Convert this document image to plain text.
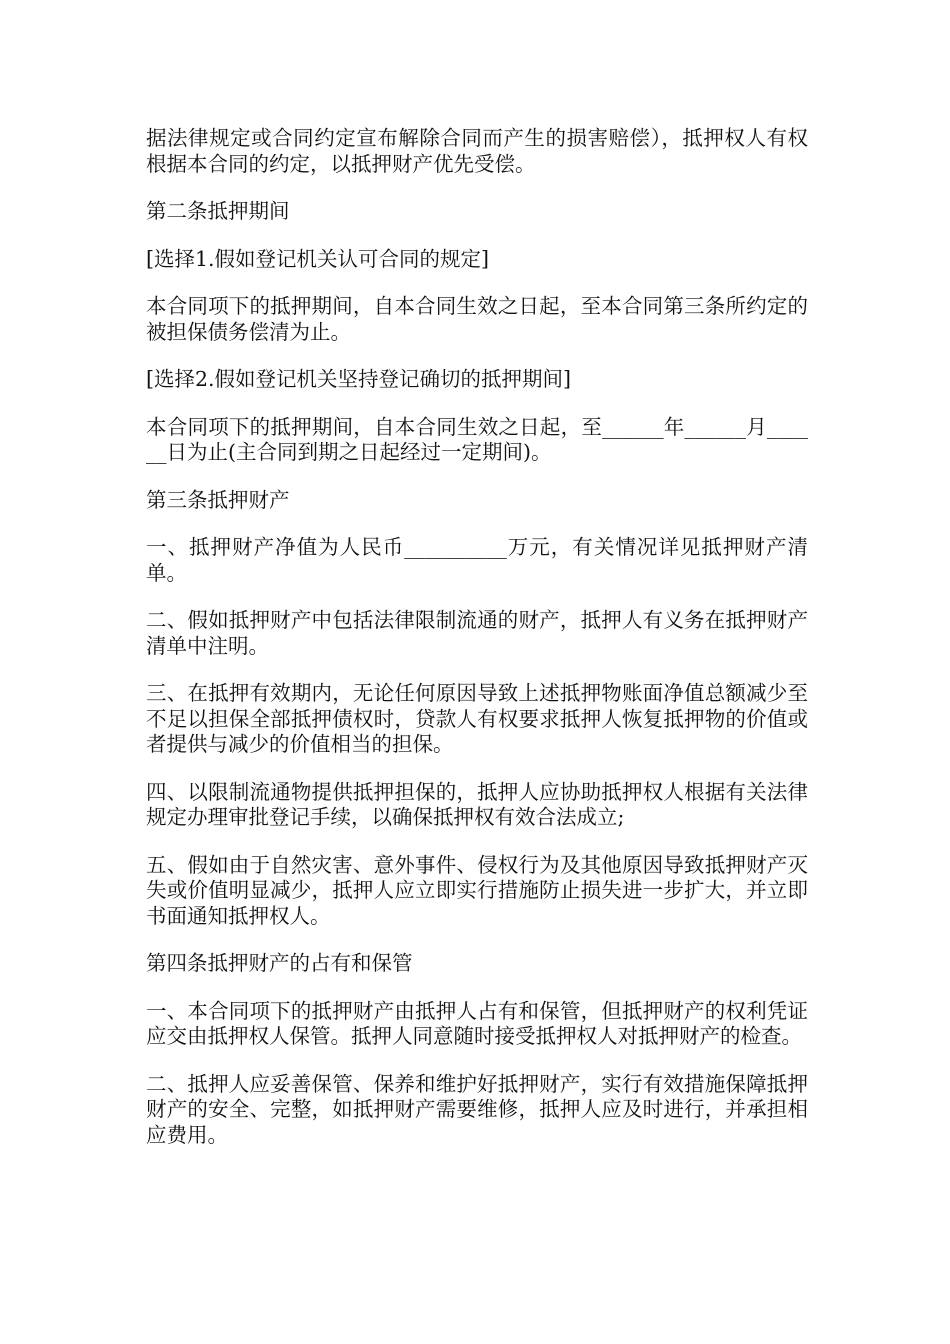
据法律规定或合同约定宣布解除合同而产生的损害赔偿），抵押权人有权根据本合同的约定，以抵押财产优先受偿。

第二条抵押期间

[选择1.假如登记机关认可合同的规定]

本合同项下的抵押期间，自本合同生效之日起，至本合同第三条所约定的被担保债务偿清为止。

[选择2.假如登记机关坚持登记确切的抵押期间]

本合同项下的抵押期间，自本合同生效之日起，至______年______月______日为止(主合同到期之日起经过一定期间)。

第三条抵押财产

一、抵押财产净值为人民币__________万元，有关情况详见抵押财产清单。

二、假如抵押财产中包括法律限制流通的财产，抵押人有义务在抵押财产清单中注明。

三、在抵押有效期内，无论任何原因导致上述抵押物账面净值总额减少至不足以担保全部抵押债权时，贷款人有权要求抵押人恢复抵押物的价值或者提供与减少的价值相当的担保。

四、以限制流通物提供抵押担保的，抵押人应协助抵押权人根据有关法律规定办理审批登记手续，以确保抵押权有效合法成立;

五、假如由于自然灾害、意外事件、侵权行为及其他原因导致抵押财产灭失或价值明显减少，抵押人应立即实行措施防止损失进一步扩大，并立即书面通知抵押权人。

第四条抵押财产的占有和保管

一、本合同项下的抵押财产由抵押人占有和保管，但抵押财产的权利凭证应交由抵押权人保管。抵押人同意随时接受抵押权人对抵押财产的检查。

二、抵押人应妥善保管、保养和维护好抵押财产，实行有效措施保障抵押财产的安全、完整，如抵押财产需要维修，抵押人应及时进行，并承担相应费用。
